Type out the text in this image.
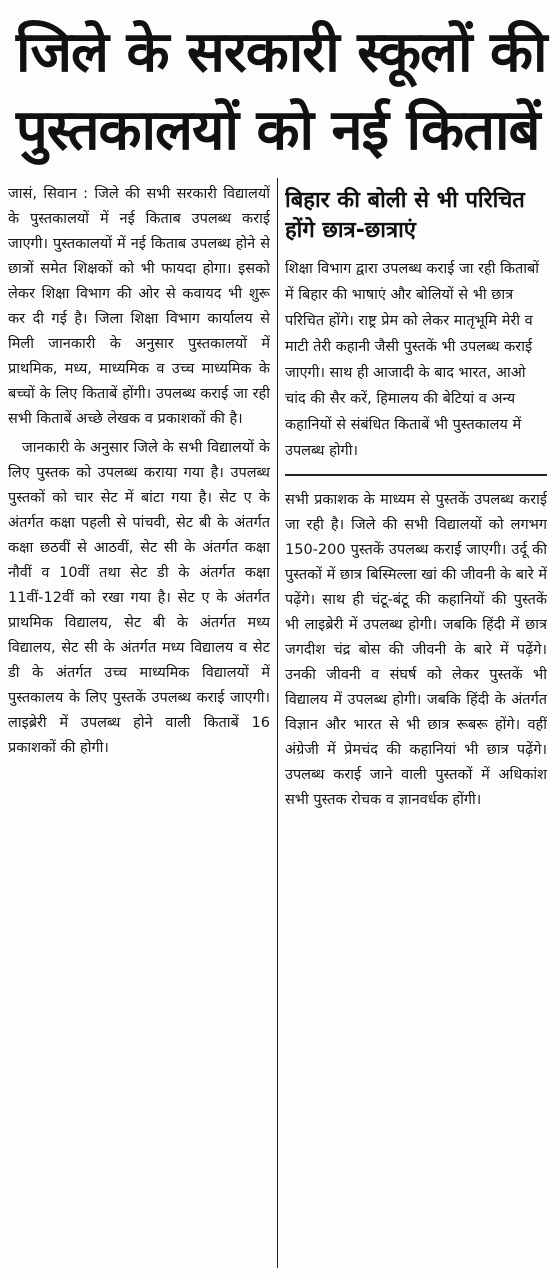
जिले के सरकारी स्कूलों की
पुस्तकालयों को नई किताबें

जासं, सिवान : जिले की सभी सरकारी विद्यालयों के पुस्तकालयों में नई किताब उपलब्ध कराई जाएगी। पुस्तकालयों में नई किताब उपलब्ध होने से छात्रों समेत शिक्षकों को भी फायदा होगा। इसको लेकर शिक्षा विभाग की ओर से कवायद भी शुरू कर दी गई है। जिला शिक्षा विभाग कार्यालय से मिली जानकारी के अनुसार पुस्तकालयों में प्राथमिक, मध्य, माध्यमिक व उच्च माध्यमिक के बच्चों के लिए किताबें होंगी। उपलब्ध कराई जा रही सभी किताबें अच्छे लेखक व प्रकाशकों की है।

जानकारी के अनुसार जिले के सभी विद्यालयों के लिए पुस्तक को उपलब्ध कराया गया है। उपलब्ध पुस्तकों को चार सेट में बांटा गया है। सेट ए के अंतर्गत कक्षा पहली से पांचवी, सेट बी के अंतर्गत कक्षा छठवीं से आठवीं, सेट सी के अंतर्गत कक्षा नौवीं व 10वीं तथा सेट डी के अंतर्गत कक्षा 11वीं-12वीं को रखा गया है। सेट ए के अंतर्गत प्राथमिक विद्यालय, सेट बी के अंतर्गत मध्य विद्यालय, सेट सी के अंतर्गत मध्य विद्यालय व सेट डी के अंतर्गत उच्च माध्यमिक विद्यालयों में पुस्तकालय के लिए पुस्तकें उपलब्ध कराई जाएगी। लाइब्रेरी में उपलब्ध होने वाली किताबें 16 प्रकाशकों की होगी।

बिहार की बोली से भी परिचित होंगे छात्र-छात्राएं

शिक्षा विभाग द्वारा उपलब्ध कराई जा रही किताबों में बिहार की भाषाएं और बोलियों से भी छात्र परिचित होंगे। राष्ट्र प्रेम को लेकर मातृभूमि मेरी व माटी तेरी कहानी जैसी पुस्तकें भी उपलब्ध कराई जाएगी। साथ ही आजादी के बाद भारत, आओ चांद की सैर करें, हिमालय की बेटियां व अन्य कहानियों से संबंधित किताबें भी पुस्तकालय में उपलब्ध होगी।

सभी प्रकाशक के माध्यम से पुस्तकें उपलब्ध कराई जा रही है। जिले की सभी विद्यालयों को लगभग 150-200 पुस्तकें उपलब्ध कराई जाएगी। उर्दू की पुस्तकों में छात्र बिस्मिल्ला खां की जीवनी के बारे में पढ़ेंगे। साथ ही चंटू-बंटू की कहानियों की पुस्तकें भी लाइब्रेरी में उपलब्ध होगी। जबकि हिंदी में छात्र जगदीश चंद्र बोस की जीवनी के बारे में पढ़ेंगे। उनकी जीवनी व संघर्ष को लेकर पुस्तकें भी विद्यालय में उपलब्ध होगी। जबकि हिंदी के अंतर्गत विज्ञान और भारत से भी छात्र रूबरू होंगे। वहीं अंग्रेजी में प्रेमचंद की कहानियां भी छात्र पढ़ेंगे। उपलब्ध कराई जाने वाली पुस्तकों में अधिकांश सभी पुस्तक रोचक व ज्ञानवर्धक होंगी।
